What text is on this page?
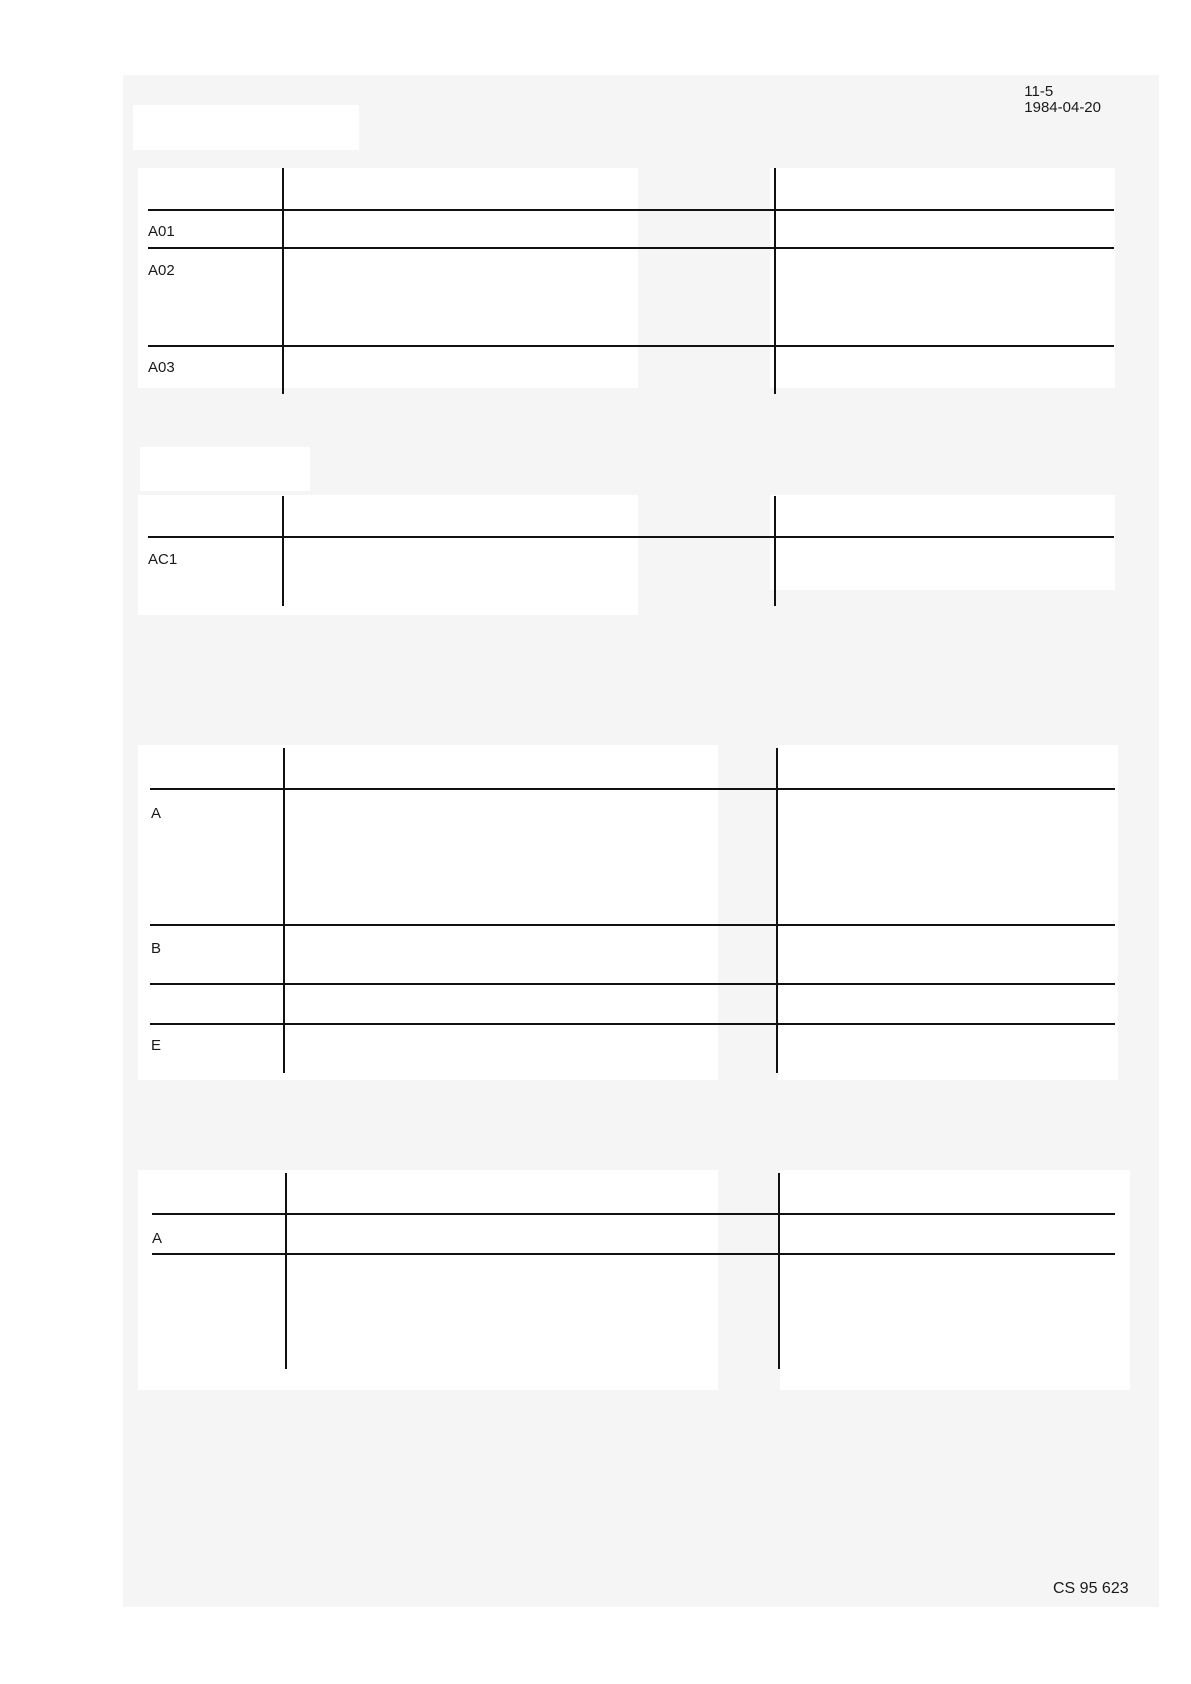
11-5
1984-04-20
A01
A02
A03
AC1
A
B
E
A
CS 95 623
